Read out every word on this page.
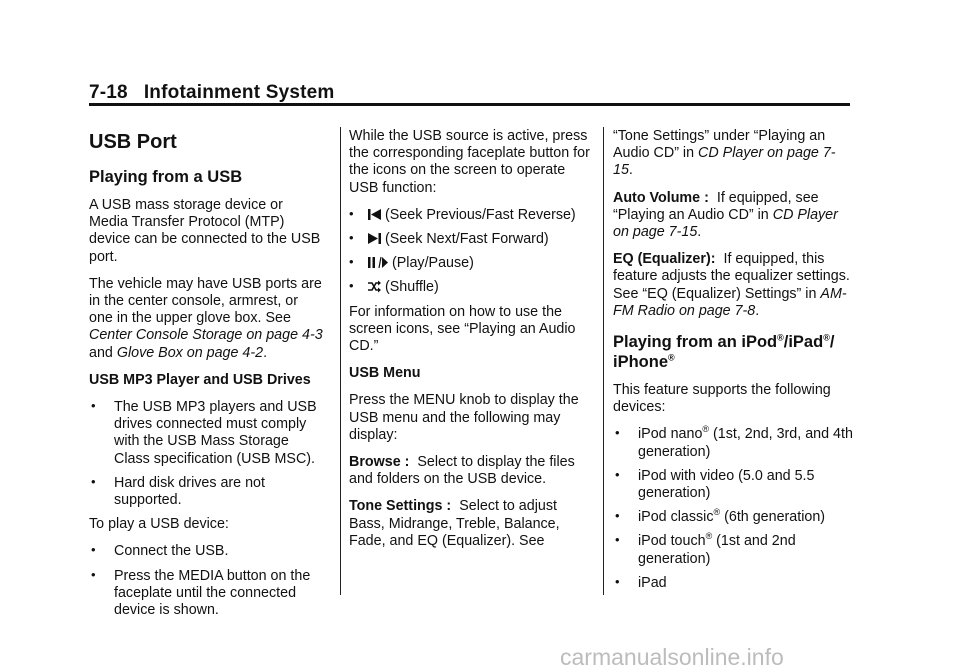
7-18 Infotainment System
USB Port
Playing from a USB

A USB mass storage device or Media Transfer Protocol (MTP) device can be connected to the USB port.

The vehicle may have USB ports are in the center console, armrest, or one in the upper glove box. See Center Console Storage on page 4-3 and Glove Box on page 4-2.

USB MP3 Player and USB Drives

• The USB MP3 players and USB drives connected must comply with the USB Mass Storage Class specification (USB MSC).
• Hard disk drives are not supported.

To play a USB device:

• Connect the USB.
• Press the MEDIA button on the faceplate until the connected device is shown.

While the USB source is active, press the corresponding faceplate button for the icons on the screen to operate USB function:

• (Seek Previous/Fast Reverse)
• (Seek Next/Fast Forward)
• (Play/Pause)
• (Shuffle)

For information on how to use the screen icons, see “Playing an Audio CD.”

USB Menu

Press the MENU knob to display the USB menu and the following may display:

Browse : Select to display the files and folders on the USB device.

Tone Settings : Select to adjust Bass, Midrange, Treble, Balance, Fade, and EQ (Equalizer). See

“Tone Settings” under “Playing an Audio CD” in CD Player on page 7-15.

Auto Volume : If equipped, see “Playing an Audio CD” in CD Player on page 7-15.

EQ (Equalizer): If equipped, this feature adjusts the equalizer settings. See “EQ (Equalizer) Settings” in AM-FM Radio on page 7-8.

Playing from an iPod®/iPad®/
iPhone®

This feature supports the following devices:

• iPod nano® (1st, 2nd, 3rd, and 4th generation)
• iPod with video (5.0 and 5.5 generation)
• iPod classic® (6th generation)
• iPod touch® (1st and 2nd generation)
• iPad
carmanualsonline.info
